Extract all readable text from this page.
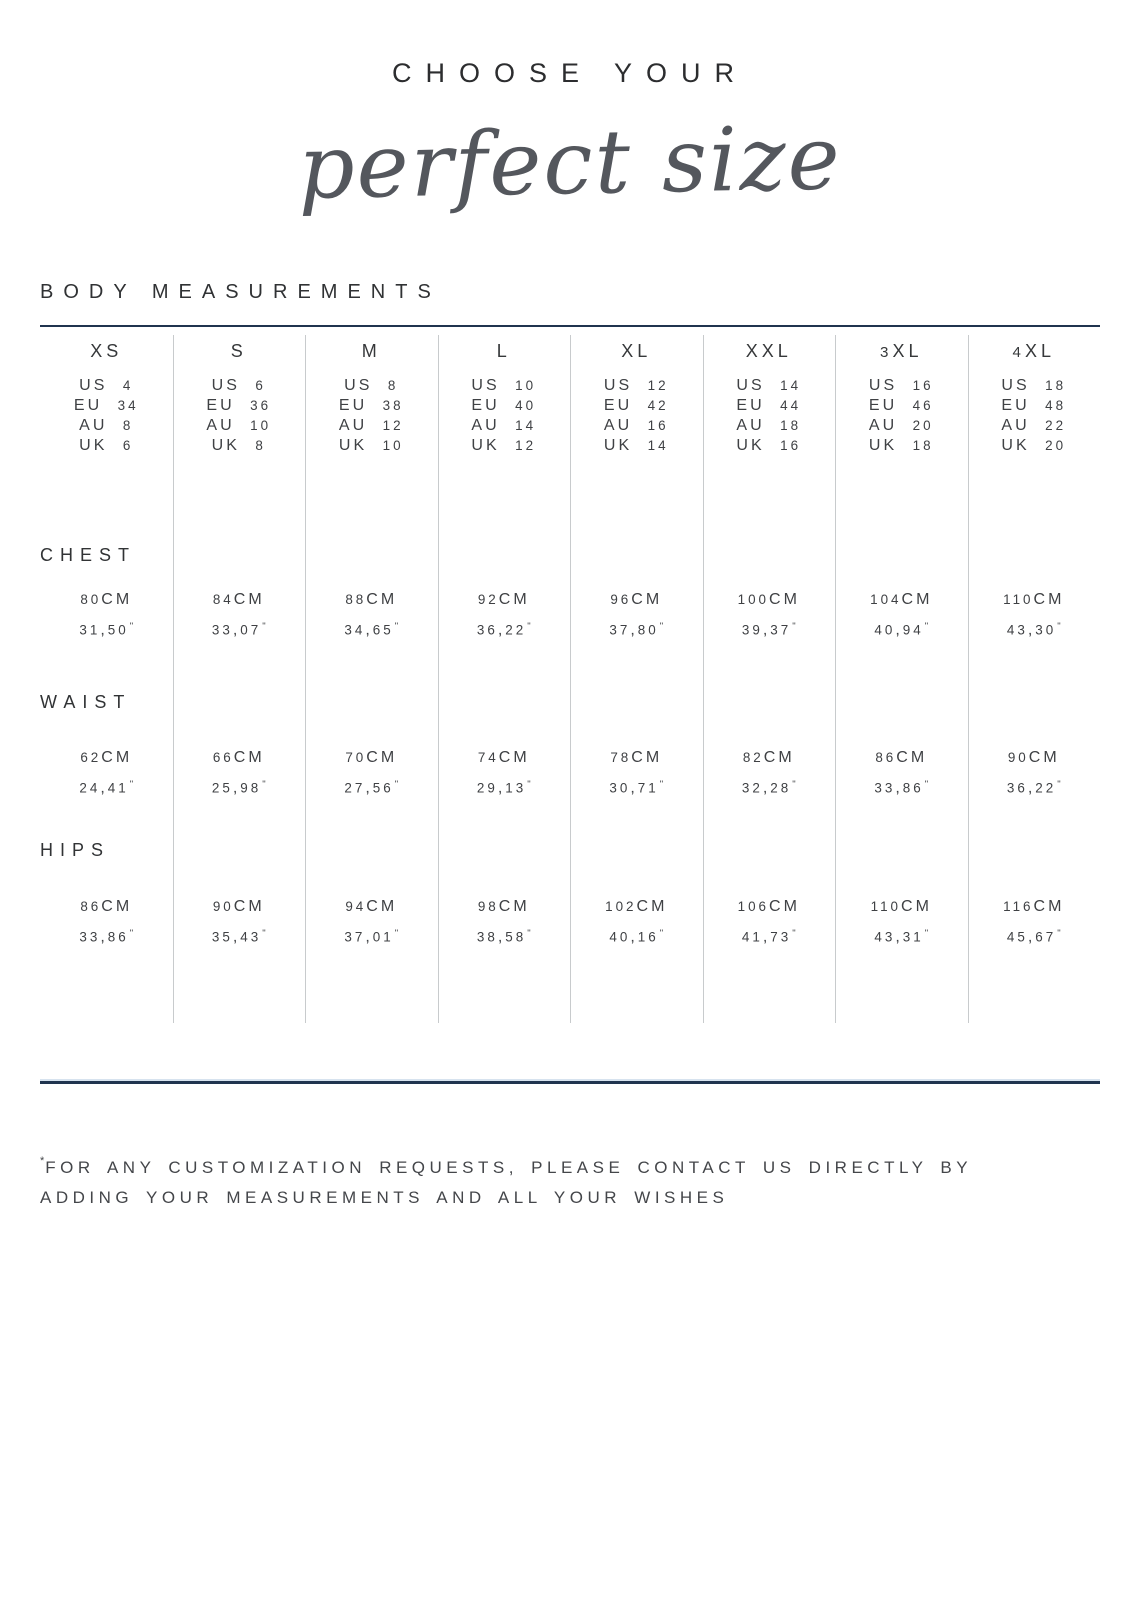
CHOOSE YOUR
perfect size
BODY MEASUREMENTS
CHEST
WAIST
HIPS
XS
US 4
EU 34
AU 8
UK 6
80CM
31,50"
62CM
24,41"
86CM
33,86"
S
US 6
EU 36
AU 10
UK 8
84CM
33,07"
66CM
25,98"
90CM
35,43"
M
US 8
EU 38
AU 12
UK 10
88CM
34,65"
70CM
27,56"
94CM
37,01"
L
US 10
EU 40
AU 14
UK 12
92CM
36,22"
74CM
29,13"
98CM
38,58"
XL
US 12
EU 42
AU 16
UK 14
96CM
37,80"
78CM
30,71"
102CM
40,16"
XXL
US 14
EU 44
AU 18
UK 16
100CM
39,37"
82CM
32,28"
106CM
41,73"
3XL
US 16
EU 46
AU 20
UK 18
104CM
40,94"
86CM
33,86"
110CM
43,31"
4XL
US 18
EU 48
AU 22
UK 20
110CM
43,30"
90CM
36,22"
116CM
45,67"
*FOR ANY CUSTOMIZATION REQUESTS, PLEASE CONTACT US DIRECTLY BY ADDING YOUR MEASUREMENTS AND ALL YOUR WISHES
